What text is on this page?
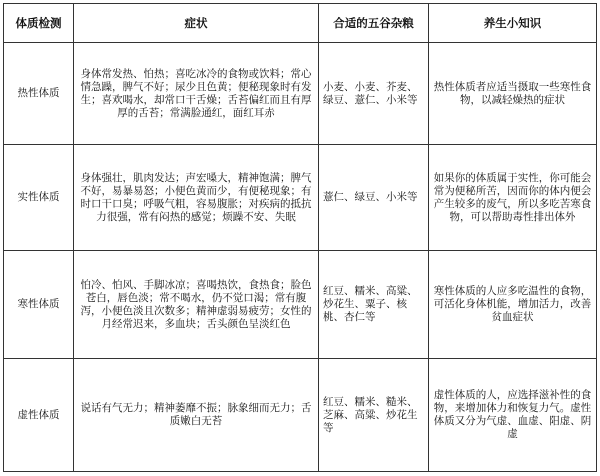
体质检测	症状	合适的五谷杂粮	养生小知识
热性体质	身体常发热、怕热；喜吃冰冷的食物或饮料；常心情急躁，脾气不好；尿少且色黄；便秘现象时有发生；喜欢喝水，却常口干舌燥；舌苔偏红而且有厚厚的舌苔；常满脸通红，面红耳赤	小麦、小麦、芥麦、绿豆、薏仁、小米等	热性体质者应适当摄取一些寒性食物，以减轻燥热的症状
实性体质	身体强壮，肌肉发达；声宏嗓大，精神饱满；脾气不好，易暴易怒；小便色黄而少，有便秘现象；有时口干口臭；呼吸气粗，容易腹胀；对疾病的抵抗力很强，常有闷热的感觉；烦躁不安、失眠	薏仁、绿豆、小米等	如果你的体质属于实性，你可能会常为便秘所苦，因而你的体内便会产生较多的废气，所以多吃苦寒食物，可以帮助毒性排出体外
寒性体质	怕冷、怕风、手脚冰凉；喜喝热饮，食热食；脸色苍白，唇色淡；常不喝水，仍不觉口渴；常有腹泻，小便色淡且次数多；精神虚弱易疲劳；女性的月经常迟来，多血块；舌头颜色呈淡红色	红豆、糯米、高粱、炒花生、粟子、核桃、杏仁等	寒性体质的人应多吃温性的食物，可活化身体机能，增加活力，改善贫血症状
虚性体质	说话有气无力；精神萎靡不振；脉象细而无力；舌质嫩白无苔	红豆、糯米、糙米、芝麻、高粱、炒花生等	虚性体质的人，应选择滋补性的食物，来增加体力和恢复力气。虚性体质又分为气虚、血虚、阳虚、阴虚
